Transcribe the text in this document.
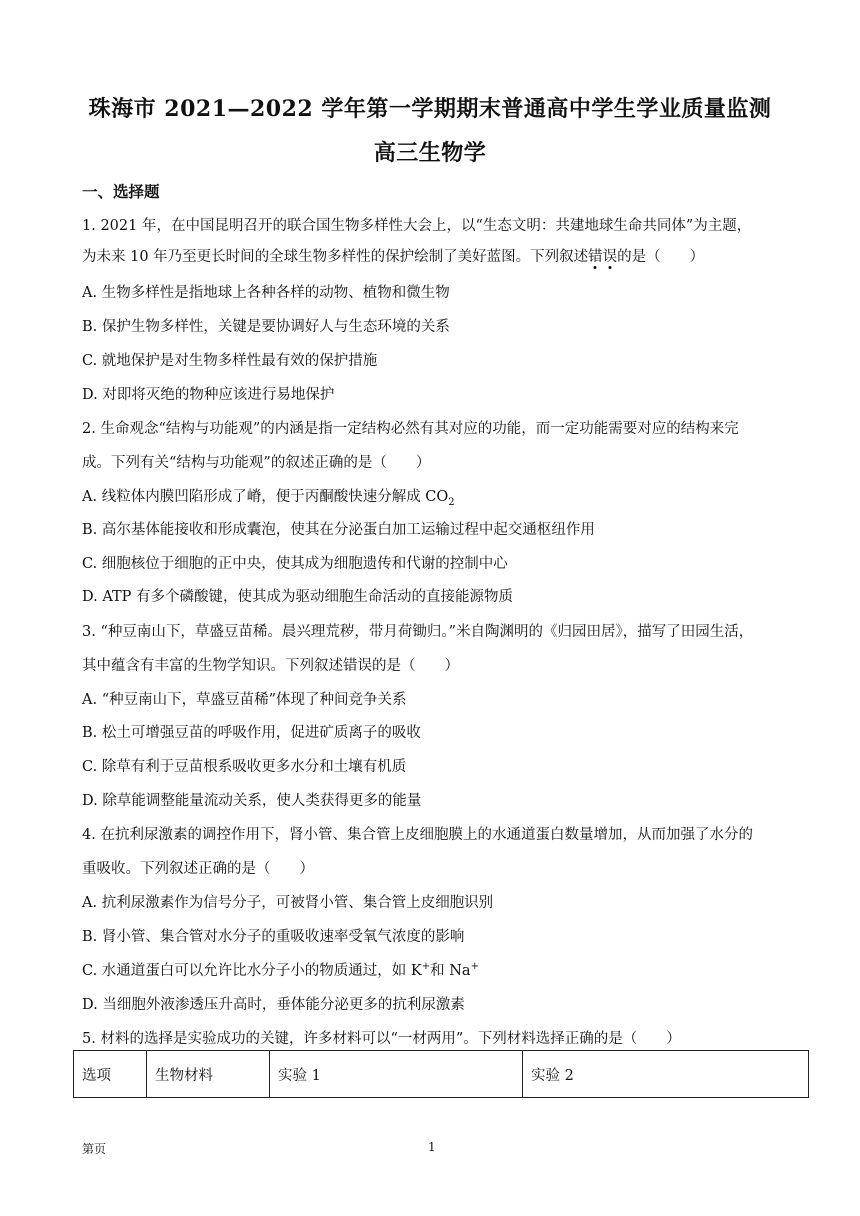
珠海市 2021—2022 学年第一学期期末普通高中学生学业质量监测
高三生物学
一、选择题
1. 2021 年，在中国昆明召开的联合国生物多样性大会上，以“生态文明：共建地球生命共同体”为主题，
为未来 10 年乃至更长时间的全球生物多样性的保护绘制了美好蓝图。下列叙述错误的是（　　）
A. 生物多样性是指地球上各种各样的动物、植物和微生物
B. 保护生物多样性，关键是要协调好人与生态环境的关系
C. 就地保护是对生物多样性最有效的保护措施
D. 对即将灭绝的物种应该进行易地保护
2. 生命观念“结构与功能观”的内涵是指一定结构必然有其对应的功能，而一定功能需要对应的结构来完
成。下列有关“结构与功能观”的叙述正确的是（　　）
A. 线粒体内膜凹陷形成了嵴，便于丙酮酸快速分解成 $CO_2$
B. 高尔基体能接收和形成囊泡，使其在分泌蛋白加工运输过程中起交通枢纽作用
C. 细胞核位于细胞的正中央，使其成为细胞遗传和代谢的控制中心
D. ATP 有多个磷酸键，使其成为驱动细胞生命活动的直接能源物质
3. “种豆南山下，草盛豆苗稀。晨兴理荒秽，带月荷锄归。”米自陶渊明的《归园田居》，描写了田园生活，
其中蕴含有丰富的生物学知识。下列叙述错误的是（　　）
A. “种豆南山下，草盛豆苗稀”体现了种间竞争关系
B. 松土可增强豆苗的呼吸作用，促进矿质离子的吸收
C. 除草有利于豆苗根系吸收更多水分和土壤有机质
D. 除草能调整能量流动关系，使人类获得更多的能量
4. 在抗利尿激素的调控作用下，肾小管、集合管上皮细胞膜上的水通道蛋白数量增加，从而加强了水分的
重吸收。下列叙述正确的是（　　）
A. 抗利尿激素作为信号分子，可被肾小管、集合管上皮细胞识别
B. 肾小管、集合管对水分子的重吸收速率受氧气浓度的影响
C. 水通道蛋白可以允许比水分子小的物质通过，如 K+和 Na+
D. 当细胞外液渗透压升高时，垂体能分泌更多的抗利尿激素
5. 材料的选择是实验成功的关键，许多材料可以“一材两用”。下列材料选择正确的是（　　）
选项	生物材料	实验 1	实验 2
第页	1
